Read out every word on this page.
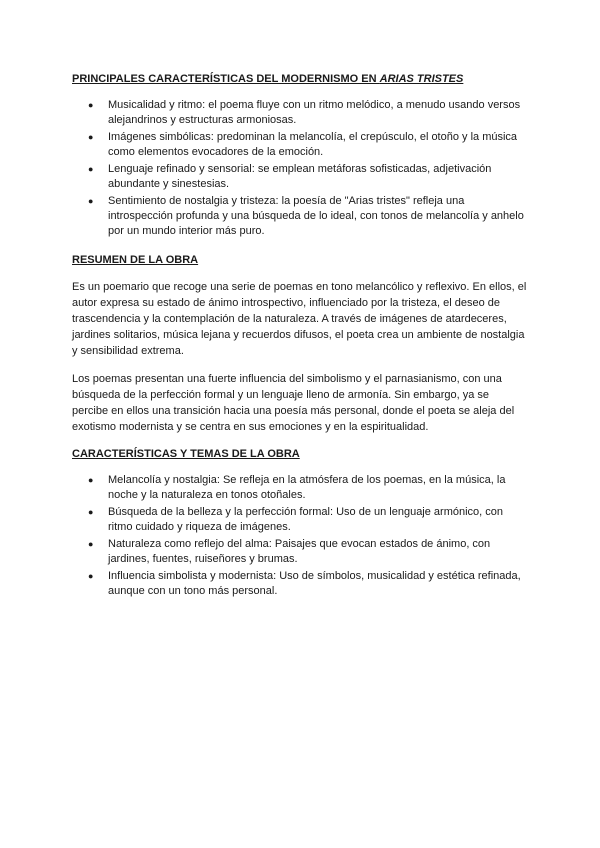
PRINCIPALES CARACTERÍSTICAS DEL MODERNISMO EN ARIAS TRISTES
● Musicalidad y ritmo: el poema fluye con un ritmo melódico, a menudo usando versos alejandrinos y estructuras armoniosas.
● Imágenes simbólicas: predominan la melancolía, el crepúsculo, el otoño y la música como elementos evocadores de la emoción.
● Lenguaje refinado y sensorial: se emplean metáforas sofisticadas, adjetivación abundante y sinestesias.
● Sentimiento de nostalgia y tristeza: la poesía de "Arias tristes" refleja una introspección profunda y una búsqueda de lo ideal, con tonos de melancolía y anhelo por un mundo interior más puro.
RESUMEN DE LA OBRA

Es un poemario que recoge una serie de poemas en tono melancólico y reflexivo. En ellos, el autor expresa su estado de ánimo introspectivo, influenciado por la tristeza, el deseo de trascendencia y la contemplación de la naturaleza. A través de imágenes de atardeceres, jardines solitarios, música lejana y recuerdos difusos, el poeta crea un ambiente de nostalgia y sensibilidad extrema.

Los poemas presentan una fuerte influencia del simbolismo y el parnasianismo, con una búsqueda de la perfección formal y un lenguaje lleno de armonía. Sin embargo, ya se percibe en ellos una transición hacia una poesía más personal, donde el poeta se aleja del exotismo modernista y se centra en sus emociones y en la espiritualidad.

CARACTERÍSTICAS Y TEMAS DE LA OBRA
● Melancolía y nostalgia: Se refleja en la atmósfera de los poemas, en la música, la noche y la naturaleza en tonos otoñales.
● Búsqueda de la belleza y la perfección formal: Uso de un lenguaje armónico, con ritmo cuidado y riqueza de imágenes.
● Naturaleza como reflejo del alma: Paisajes que evocan estados de ánimo, con jardines, fuentes, ruiseñores y brumas.
● Influencia simbolista y modernista: Uso de símbolos, musicalidad y estética refinada, aunque con un tono más personal.
